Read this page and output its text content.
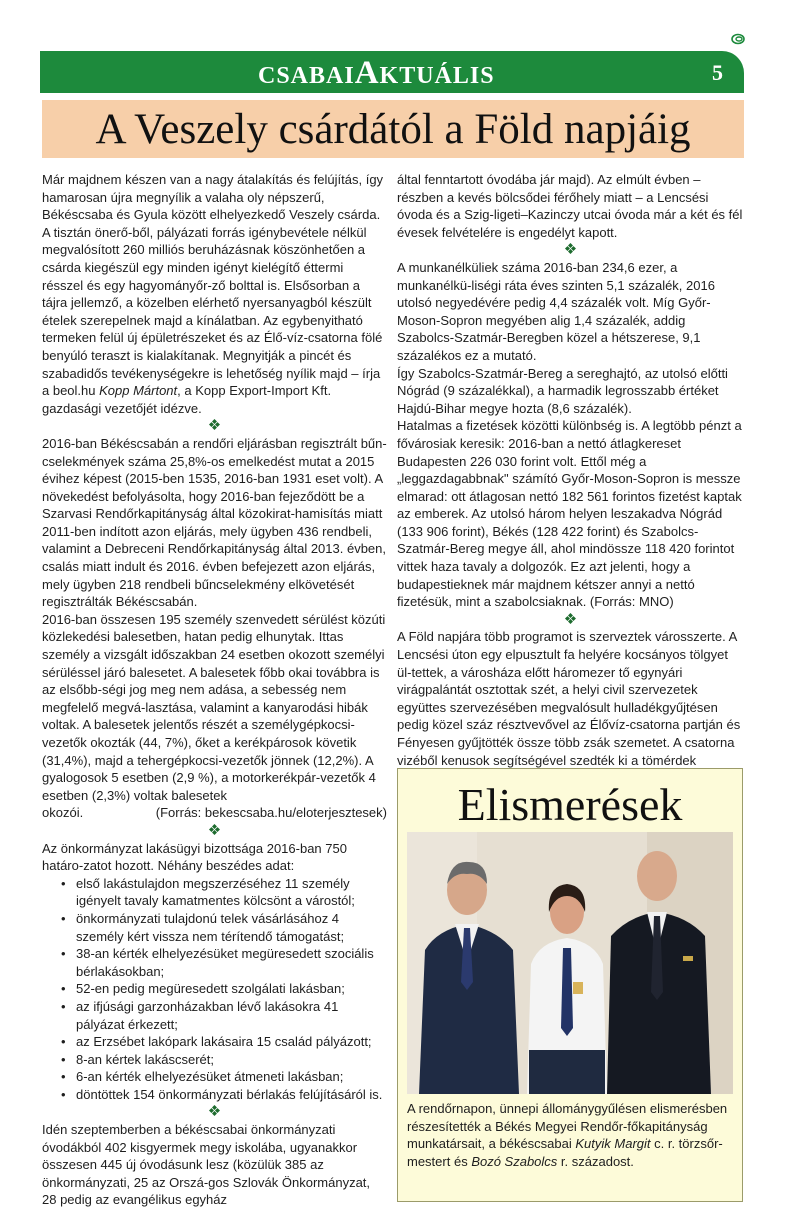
CSABAIAKTUÁLIS	5
A Veszely csárdától a Föld napjáig

Már majdnem készen van a nagy átalakítás és felújítás, így hamarosan újra megnyílik a valaha oly népszerű, Békéscsaba és Gyula között elhelyezkedő Veszely csárda. A tisztán önerő-ből, pályázati forrás igénybevétele nélkül megvalósított 260 milliós beruházásnak köszönhetően a csárda kiegészül egy minden igényt kielégítő éttermi résszel és egy hagyományőr-ző bolttal is. Elsősorban a tájra jellemző, a közelben elérhető nyersanyagból készült ételek szerepelnek majd a kínálatban. Az egybenyitható termeken felül új épületrészeket és az Élő-víz-csatorna fölé benyúló teraszt is kialakítanak. Megnyitják a pincét és szabadidős tevékenységekre is lehetőség nyílik majd – írja a beol.hu Kopp Mártont, a Kopp Export-Import Kft. gazdasági vezetőjét idézve.

❖

2016-ban Békéscsabán a rendőri eljárásban regisztrált bűn-cselekmények száma 25,8%-os emelkedést mutat a 2015 évihez képest (2015-ben 1535, 2016-ban 1931 eset volt). A növekedést befolyásolta, hogy 2016-ban fejeződött be a Szarvasi Rendőrkapitányság által közokirat-hamisítás miatt 2011-ben indított azon eljárás, mely ügyben 436 rendbeli, valamint a Debreceni Rendőrkapitányság által 2013. évben, csalás miatt indult és 2016. évben befejezett azon eljárás, mely ügyben 218 rendbeli bűncselekmény elkövetését regisztrálták Békéscsabán.

2016-ban összesen 195 személy szenvedett sérülést közúti közlekedési balesetben, hatan pedig elhunytak. Ittas személy a vizsgált időszakban 24 esetben okozott személyi sérüléssel járó balesetet. A balesetek főbb okai továbbra is az elsőbb-ségi jog meg nem adása, a sebesség nem megfelelő megvá-lasztása, valamint a kanyarodási hibák voltak. A balesetek jelentős részét a személygépkocsi-vezetők okozták (44, 7%), őket a kerékpárosok követik (31,4%), majd a tehergépkocsi-vezetők jönnek (12,2%). A gyalogosok 5 esetben (2,9 %), a motorkerékpár-vezetők 4 esetben (2,3%) voltak balesetek

okozói.	(Forrás: bekescsaba.hu/eloterjesztesek)
❖

Az önkormányzat lakásügyi bizottsága 2016-ban 750 határo-zatot hozott. Néhány beszédes adat:

• első lakástulajdon megszerzéséhez 11 személy igényelt tavaly kamatmentes kölcsönt a várostól;
• önkormányzati tulajdonú telek vásárlásához 4 személy kért vissza nem térítendő támogatást;
• 38-an kérték elhelyezésüket megüresedett szociális bérlakásokban;
• 52-en pedig megüresedett szolgálati lakásban;
• az ifjúsági garzonházakban lévő lakásokra 41 pályázat érkezett;
• az Erzsébet lakópark lakásaira 15 család pályázott;
• 8-an kértek lakáscserét;
• 6-an kérték elhelyezésüket átmeneti lakásban;
• döntöttek 154 önkormányzati bérlakás felújításáról is.
❖

Idén szeptemberben a békéscsabai önkormányzati óvodákból 402 kisgyermek megy iskolába, ugyanakkor összesen 445 új óvodásunk lesz (közülük 385 az önkormányzati, 25 az Orszá-gos Szlovák Önkormányzat, 28 pedig az evangélikus egyház

által fenntartott óvodába jár majd). Az elmúlt évben – részben a kevés bölcsődei férőhely miatt – a Lencsési óvoda és a Szig-ligeti–Kazinczy utcai óvoda már a két és fél évesek felvételére is engedélyt kapott.

❖

A munkanélküliek száma 2016-ban 234,6 ezer, a munkanélkü-liségi ráta éves szinten 5,1 százalék, 2016 utolsó negyedévére pedig 4,4 százalék volt. Míg Győr-Moson-Sopron megyében alig 1,4 százalék, addig Szabolcs-Szatmár-Beregben közel a hétszerese, 9,1 százalékos ez a mutató.

Így Szabolcs-Szatmár-Bereg a sereghajtó, az utolsó előtti Nógrád (9 százalékkal), a harmadik legrosszabb értéket Hajdú-Bihar megye hozta (8,6 százalék).

Hatalmas a fizetések közötti különbség is. A legtöbb pénzt a fővárosiak keresik: 2016-ban a nettó átlagkereset Budapesten 226 030 forint volt. Ettől még a „leggazdagabbnak" számító Győr-Moson-Sopron is messze elmarad: ott átlagosan nettó 182 561 forintos fizetést kaptak az emberek. Az utolsó három helyen leszakadva Nógrád (133 906 forint), Békés (128 422 forint) és Szabolcs-Szatmár-Bereg megye áll, ahol mindössze 118 420 forintot vittek haza tavaly a dolgozók. Ez azt jelenti, hogy a budapestieknek már majdnem kétszer annyi a nettó fizetésük, mint a szabolcsiaknak. (Forrás: MNO)

❖

A Föld napjára több programot is szerveztek városszerte. A Lencsési úton egy elpusztult fa helyére kocsányos tölgyet ül-tettek, a városháza előtt háromezer tő egynyári virágpalántát osztottak szét, a helyi civil szervezetek együttes szervezésében megvalósult hulladékgyűjtésen pedig közel száz résztvevővel az Élővíz-csatorna partján és Fényesen gyűjtötték össze több zsák szemetet. A csatorna vizéből kenusok segítségével szedték ki a tömérdek

Elismerések
A rendőrnapon, ünnepi állománygyűlésen elismerésben részesítették a Békés Megyei Rendőr-főkapitányság munkatársait, a békéscsabai Kutyik Margit c. r. törzsőr-mestert és Bozó Szabolcs r. századost.
